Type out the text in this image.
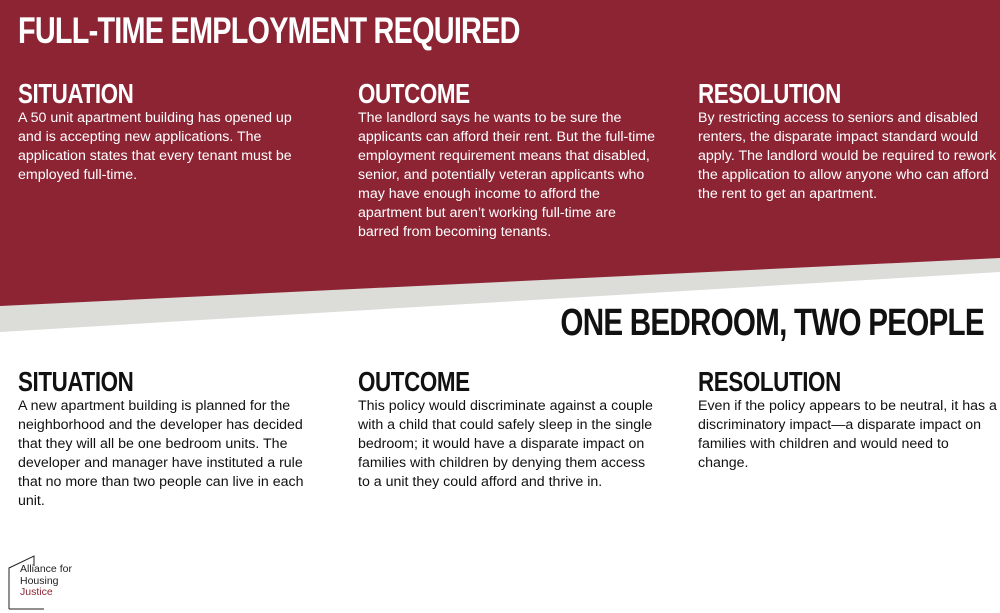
FULL-TIME EMPLOYMENT REQUIRED
SITUATION

A 50 unit apartment building has opened up and is accepting new applications. The application states that every tenant must be employed full-time.

OUTCOME

The landlord says he wants to be sure the applicants can afford their rent. But the full-time employment requirement means that disabled, senior, and potentially veteran applicants who may have enough income to afford the apartment but aren’t working full-time are barred from becoming tenants.

RESOLUTION

By restricting access to seniors and disabled renters, the disparate impact standard would apply. The landlord would be required to rework the application to allow anyone who can afford the rent to get an apartment.

ONE BEDROOM, TWO PEOPLE
SITUATION

A new apartment building is planned for the neighborhood and the developer has decided that they will all be one bedroom units. The developer and manager have instituted a rule that no more than two people can live in each unit.

OUTCOME

This policy would discriminate against a couple with a child that could safely sleep in the single bedroom; it would have a disparate impact on families with children by denying them access to a unit they could afford and thrive in.

RESOLUTION

Even if the policy appears to be neutral, it has a discriminatory impact—a disparate impact on families with children and would need to change.

Alliance for
Housing
Justice
